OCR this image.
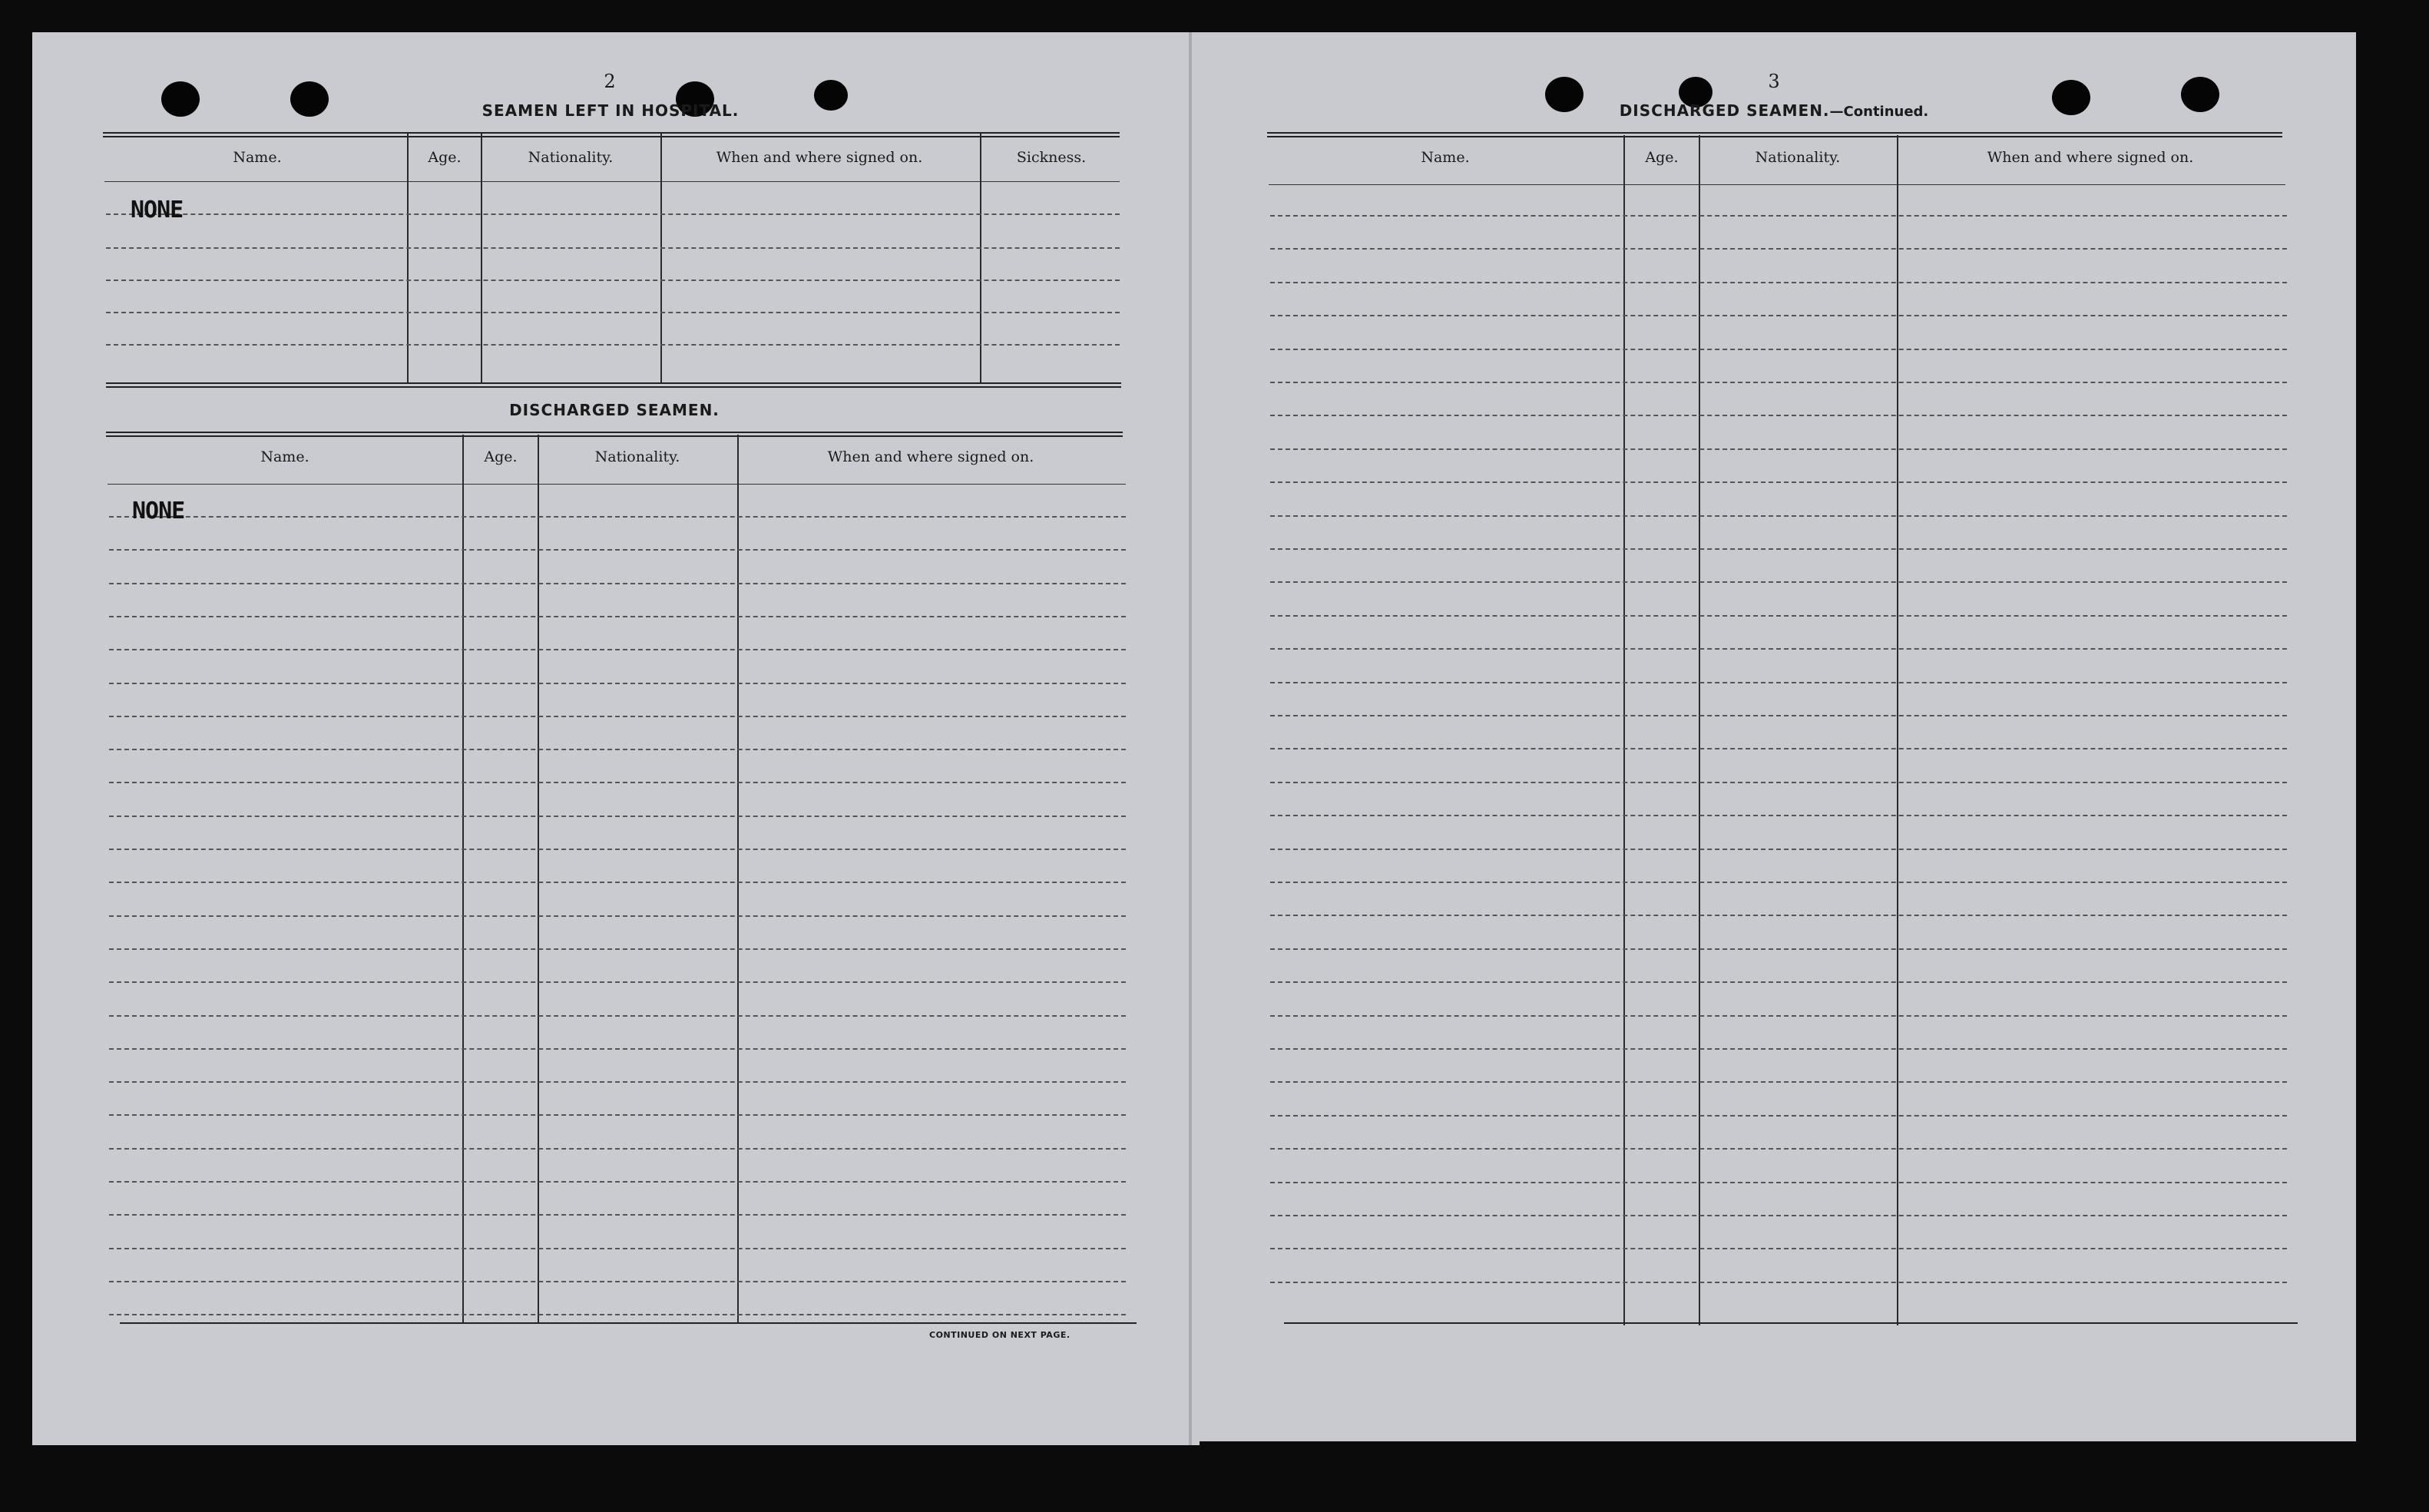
2
SEAMEN LEFT IN HOSPITAL.
Name.	Age.	Nationality.	When and where signed on.	Sickness.
NONE
DISCHARGED SEAMEN.
Name.	Age.	Nationality.	When and where signed on.
NONE
CONTINUED ON NEXT PAGE.
3
DISCHARGED SEAMEN.—Continued.
Name.	Age.	Nationality.	When and where signed on.
